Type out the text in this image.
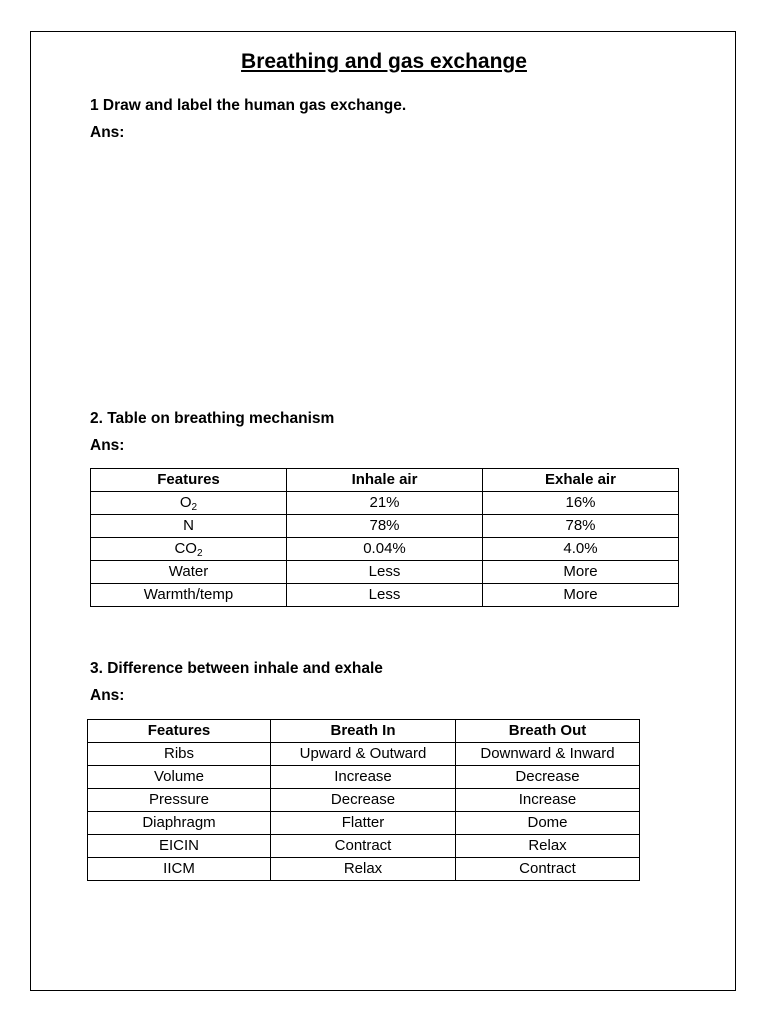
Breathing and gas exchange
1 Draw and label the human gas exchange.
Ans:
2. Table on breathing mechanism
Ans:
Features	Inhale air	Exhale air
$O_2$	21%	16%
N	78%	78%
$CO_2$	0.04%	4.0%
Water	Less	More
Warmth/temp	Less	More
3. Difference between inhale and exhale
Ans:
Features	Breath In	Breath Out
Ribs	Upward & Outward	Downward & Inward
Volume	Increase	Decrease
Pressure	Decrease	Increase
Diaphragm	Flatter	Dome
EICIN	Contract	Relax
IICM	Relax	Contract
